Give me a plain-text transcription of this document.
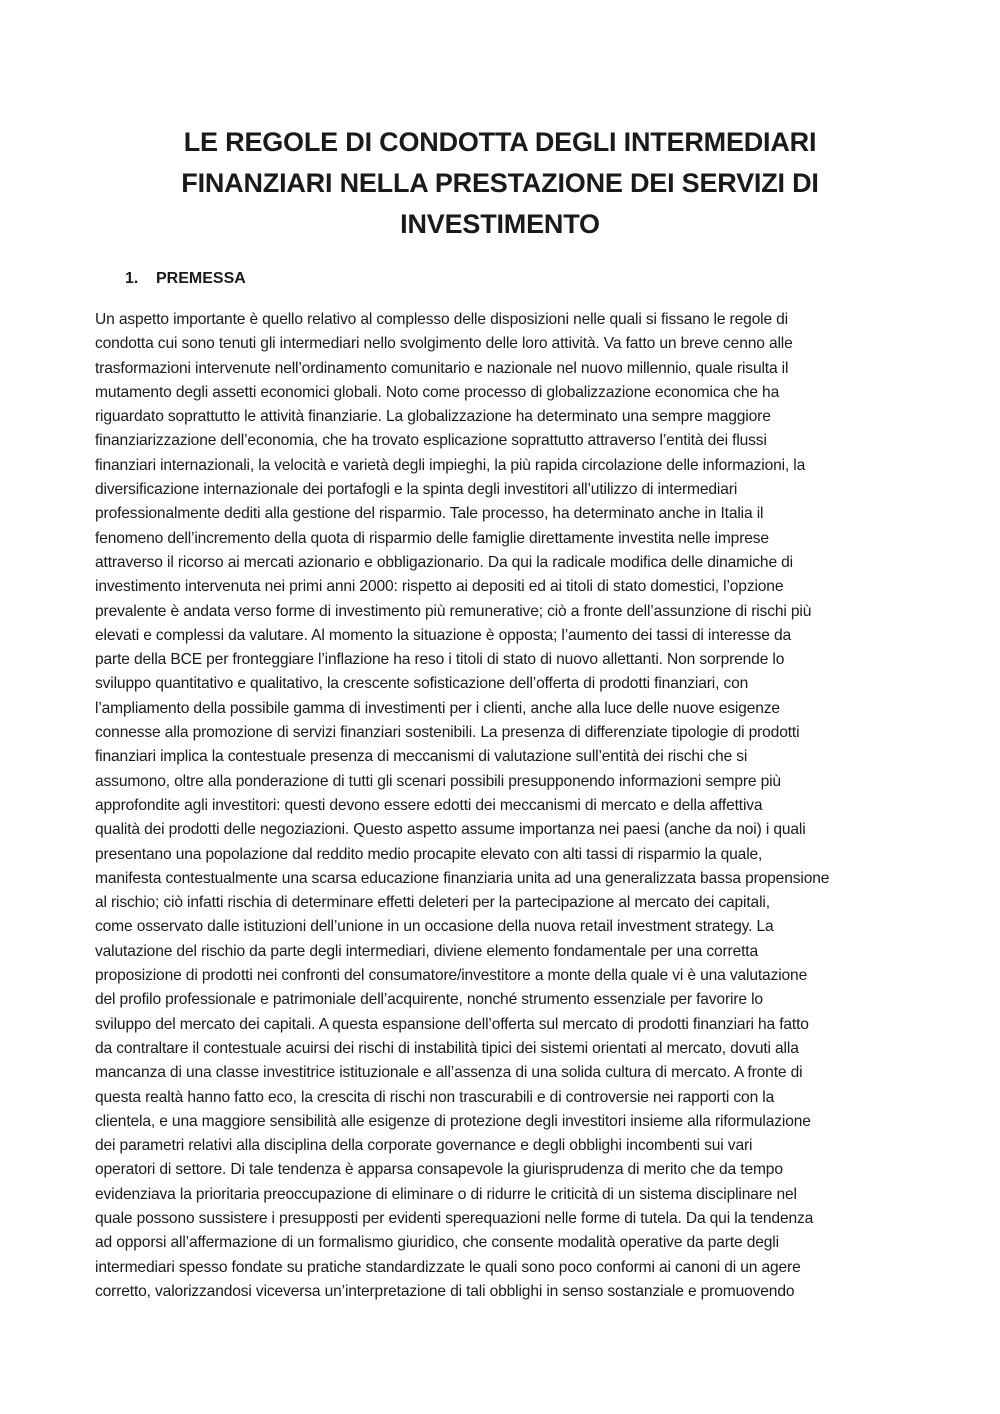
LE REGOLE DI CONDOTTA DEGLI INTERMEDIARI
FINANZIARI NELLA PRESTAZIONE DEI SERVIZI DI
INVESTIMENTO
1. PREMESSA
Un aspetto importante è quello relativo al complesso delle disposizioni nelle quali si fissano le regole di
condotta cui sono tenuti gli intermediari nello svolgimento delle loro attività. Va fatto un breve cenno alle
trasformazioni intervenute nell’ordinamento comunitario e nazionale nel nuovo millennio, quale risulta il
mutamento degli assetti economici globali. Noto come processo di globalizzazione economica che ha
riguardato soprattutto le attività finanziarie. La globalizzazione ha determinato una sempre maggiore
finanziarizzazione dell’economia, che ha trovato esplicazione soprattutto attraverso l’entità dei flussi
finanziari internazionali, la velocità e varietà degli impieghi, la più rapida circolazione delle informazioni, la
diversificazione internazionale dei portafogli e la spinta degli investitori all’utilizzo di intermediari
professionalmente dediti alla gestione del risparmio. Tale processo, ha determinato anche in Italia il
fenomeno dell’incremento della quota di risparmio delle famiglie direttamente investita nelle imprese
attraverso il ricorso ai mercati azionario e obbligazionario. Da qui la radicale modifica delle dinamiche di
investimento intervenuta nei primi anni 2000: rispetto ai depositi ed ai titoli di stato domestici, l’opzione
prevalente è andata verso forme di investimento più remunerative; ciò a fronte dell’assunzione di rischi più
elevati e complessi da valutare. Al momento la situazione è opposta; l’aumento dei tassi di interesse da
parte della BCE per fronteggiare l’inflazione ha reso i titoli di stato di nuovo allettanti. Non sorprende lo
sviluppo quantitativo e qualitativo, la crescente sofisticazione dell’offerta di prodotti finanziari, con
l’ampliamento della possibile gamma di investimenti per i clienti, anche alla luce delle nuove esigenze
connesse alla promozione di servizi finanziari sostenibili. La presenza di differenziate tipologie di prodotti
finanziari implica la contestuale presenza di meccanismi di valutazione sull’entità dei rischi che si
assumono, oltre alla ponderazione di tutti gli scenari possibili presupponendo informazioni sempre più
approfondite agli investitori: questi devono essere edotti dei meccanismi di mercato e della affettiva
qualità dei prodotti delle negoziazioni. Questo aspetto assume importanza nei paesi (anche da noi) i quali
presentano una popolazione dal reddito medio procapite elevato con alti tassi di risparmio la quale,
manifesta contestualmente una scarsa educazione finanziaria unita ad una generalizzata bassa propensione
al rischio; ciò infatti rischia di determinare effetti deleteri per la partecipazione al mercato dei capitali,
come osservato dalle istituzioni dell’unione in un occasione della nuova retail investment strategy. La
valutazione del rischio da parte degli intermediari, diviene elemento fondamentale per una corretta
proposizione di prodotti nei confronti del consumatore/investitore a monte della quale vi è una valutazione
del profilo professionale e patrimoniale dell’acquirente, nonché strumento essenziale per favorire lo
sviluppo del mercato dei capitali. A questa espansione dell’offerta sul mercato di prodotti finanziari ha fatto
da contraltare il contestuale acuirsi dei rischi di instabilità tipici dei sistemi orientati al mercato, dovuti alla
mancanza di una classe investitrice istituzionale e all’assenza di una solida cultura di mercato. A fronte di
questa realtà hanno fatto eco, la crescita di rischi non trascurabili e di controversie nei rapporti con la
clientela, e una maggiore sensibilità alle esigenze di protezione degli investitori insieme alla riformulazione
dei parametri relativi alla disciplina della corporate governance e degli obblighi incombenti sui vari
operatori di settore. Di tale tendenza è apparsa consapevole la giurisprudenza di merito che da tempo
evidenziava la prioritaria preoccupazione di eliminare o di ridurre le criticità di un sistema disciplinare nel
quale possono sussistere i presupposti per evidenti sperequazioni nelle forme di tutela. Da qui la tendenza
ad opporsi all’affermazione di un formalismo giuridico, che consente modalità operative da parte degli
intermediari spesso fondate su pratiche standardizzate le quali sono poco conformi ai canoni di un agere
corretto, valorizzandosi viceversa un’interpretazione di tali obblighi in senso sostanziale e promuovendo
